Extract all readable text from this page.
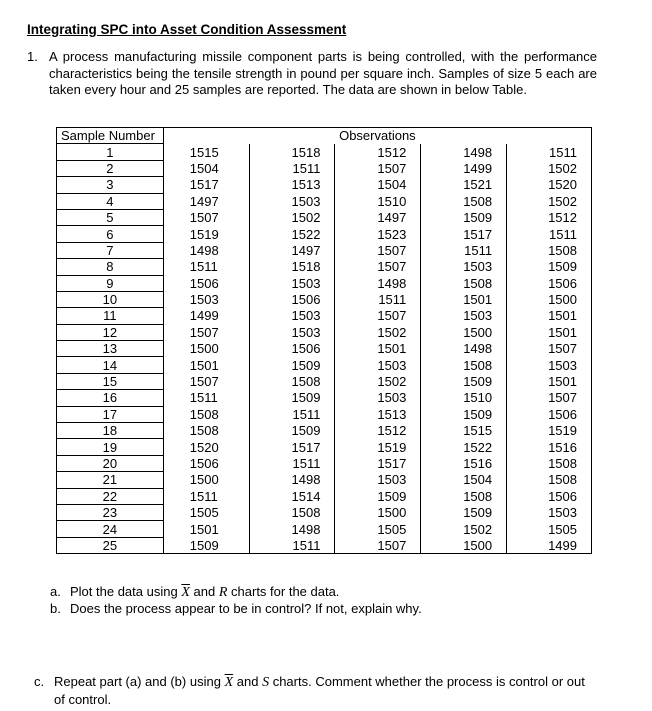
Integrating SPC into Asset Condition Assessment
1. A process manufacturing missile component parts is being controlled, with the performance characteristics being the tensile strength in pound per square inch. Samples of size 5 each are taken every hour and 25 samples are reported. The data are shown in below Table.
Sample Number	Observations				
1	1515	1518	1512	1498	1511
2	1504	1511	1507	1499	1502
3	1517	1513	1504	1521	1520
4	1497	1503	1510	1508	1502
5	1507	1502	1497	1509	1512
6	1519	1522	1523	1517	1511
7	1498	1497	1507	1511	1508
8	1511	1518	1507	1503	1509
9	1506	1503	1498	1508	1506
10	1503	1506	1511	1501	1500
11	1499	1503	1507	1503	1501
12	1507	1503	1502	1500	1501
13	1500	1506	1501	1498	1507
14	1501	1509	1503	1508	1503
15	1507	1508	1502	1509	1501
16	1511	1509	1503	1510	1507
17	1508	1511	1513	1509	1506
18	1508	1509	1512	1515	1519
19	1520	1517	1519	1522	1516
20	1506	1511	1517	1516	1508
21	1500	1498	1503	1504	1508
22	1511	1514	1509	1508	1506
23	1505	1508	1500	1509	1503
24	1501	1498	1505	1502	1505
25	1509	1511	1507	1500	1499
a. Plot the data using $\overline{X}$ and R charts for the data.
b. Does the process appear to be in control? If not, explain why.
c. Repeat part (a) and (b) using $\overline{X}$ and S charts. Comment whether the process is control or out of control.
